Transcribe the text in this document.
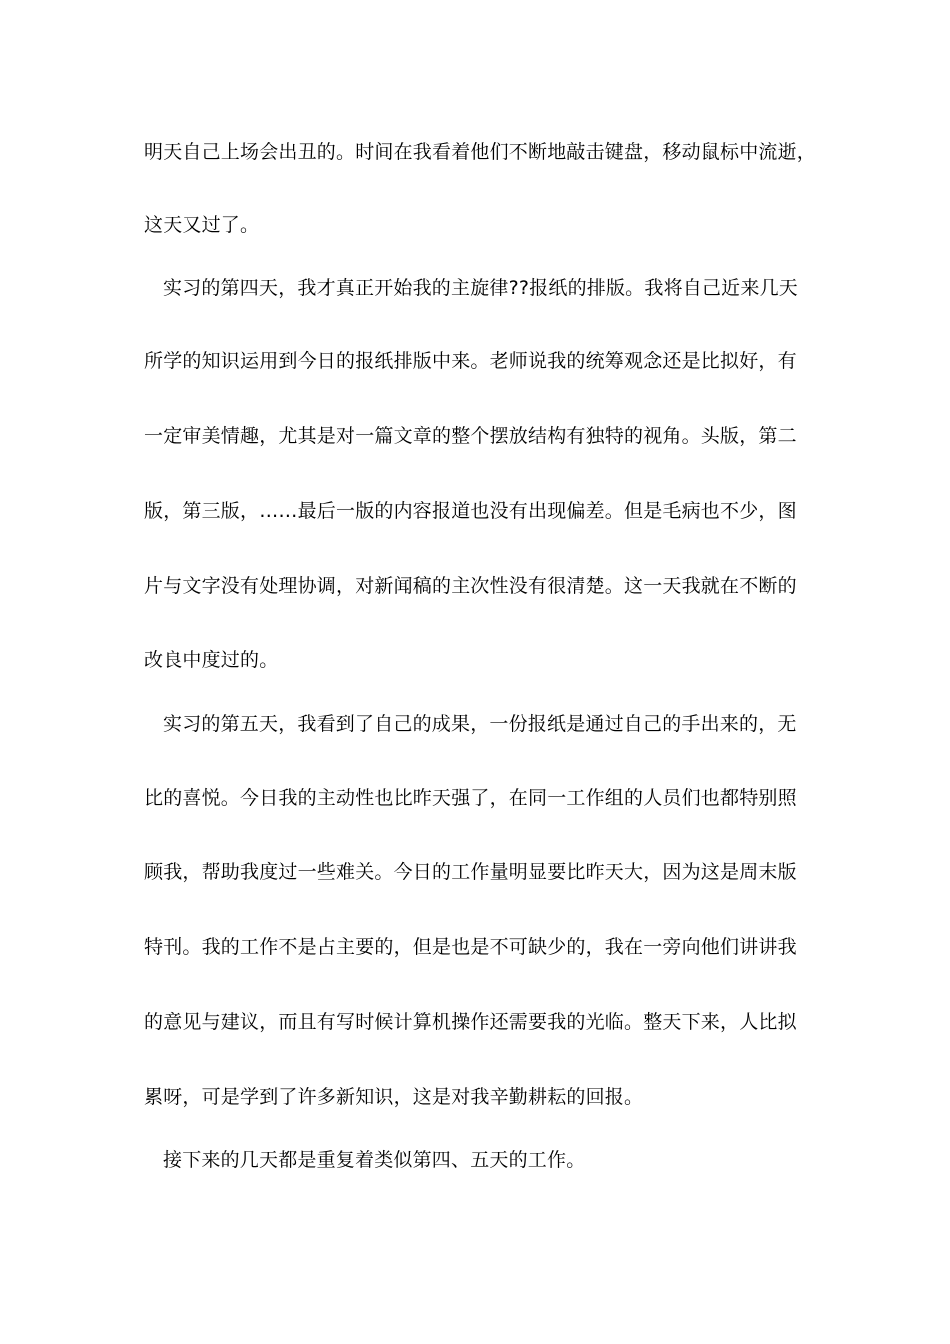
明天自己上场会出丑的。时间在我看着他们不断地敲击键盘，移动鼠标中流逝，
这天又过了。
实习的第四天，我才真正开始我的主旋律??报纸的排版。我将自己近来几天
所学的知识运用到今日的报纸排版中来。老师说我的统筹观念还是比拟好，有
一定审美情趣，尤其是对一篇文章的整个摆放结构有独特的视角。头版，第二
版，第三版，……最后一版的内容报道也没有出现偏差。但是毛病也不少，图
片与文字没有处理协调，对新闻稿的主次性没有很清楚。这一天我就在不断的
改良中度过的。
实习的第五天，我看到了自己的成果，一份报纸是通过自己的手出来的，无
比的喜悦。今日我的主动性也比昨天强了，在同一工作组的人员们也都特别照
顾我，帮助我度过一些难关。今日的工作量明显要比昨天大，因为这是周末版
特刊。我的工作不是占主要的，但是也是不可缺少的，我在一旁向他们讲讲我
的意见与建议，而且有写时候计算机操作还需要我的光临。整天下来，人比拟
累呀，可是学到了许多新知识，这是对我辛勤耕耘的回报。
接下来的几天都是重复着类似第四、五天的工作。
